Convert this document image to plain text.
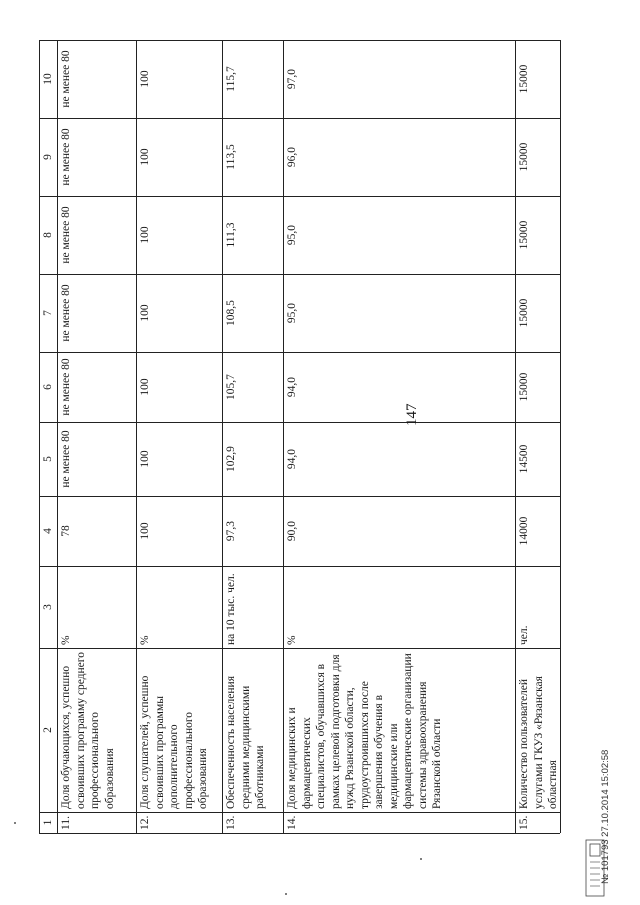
1
2
3
4
5
6
7
8
9
10
11.
Доля обучающихся, успешно освоивших программу среднего профессионального образования
%
78
не менее 80
не менее 80
не менее 80
не менее 80
не менее 80
не менее 80
12.
Доля слушателей, успешно освоивших программы дополнительного профессионального образования
%
100
100
100
100
100
100
100
13.
Обеспеченность населения средними медицинскими работниками
на 10 тыс. чел.
97,3
102,9
105,7
108,5
111,3
113,5
115,7
14.
Доля медицинских и фармацевтических специалистов, обучавшихся в рамках целевой подготовки для нужд Рязанской области, трудоустроившихся после завершения обучения в медицинские или фармацевтические организации системы здравоохранения Рязанской области
%
90,0
94,0
94,0
95,0
95,0
96,0
97,0
15.
Количество пользователей услугами ГКУЗ «Рязанская областная
чел.
14000
14500
15000
15000
15000
15000
15000
147
№ 101793 27.10.2014 15:02:58
